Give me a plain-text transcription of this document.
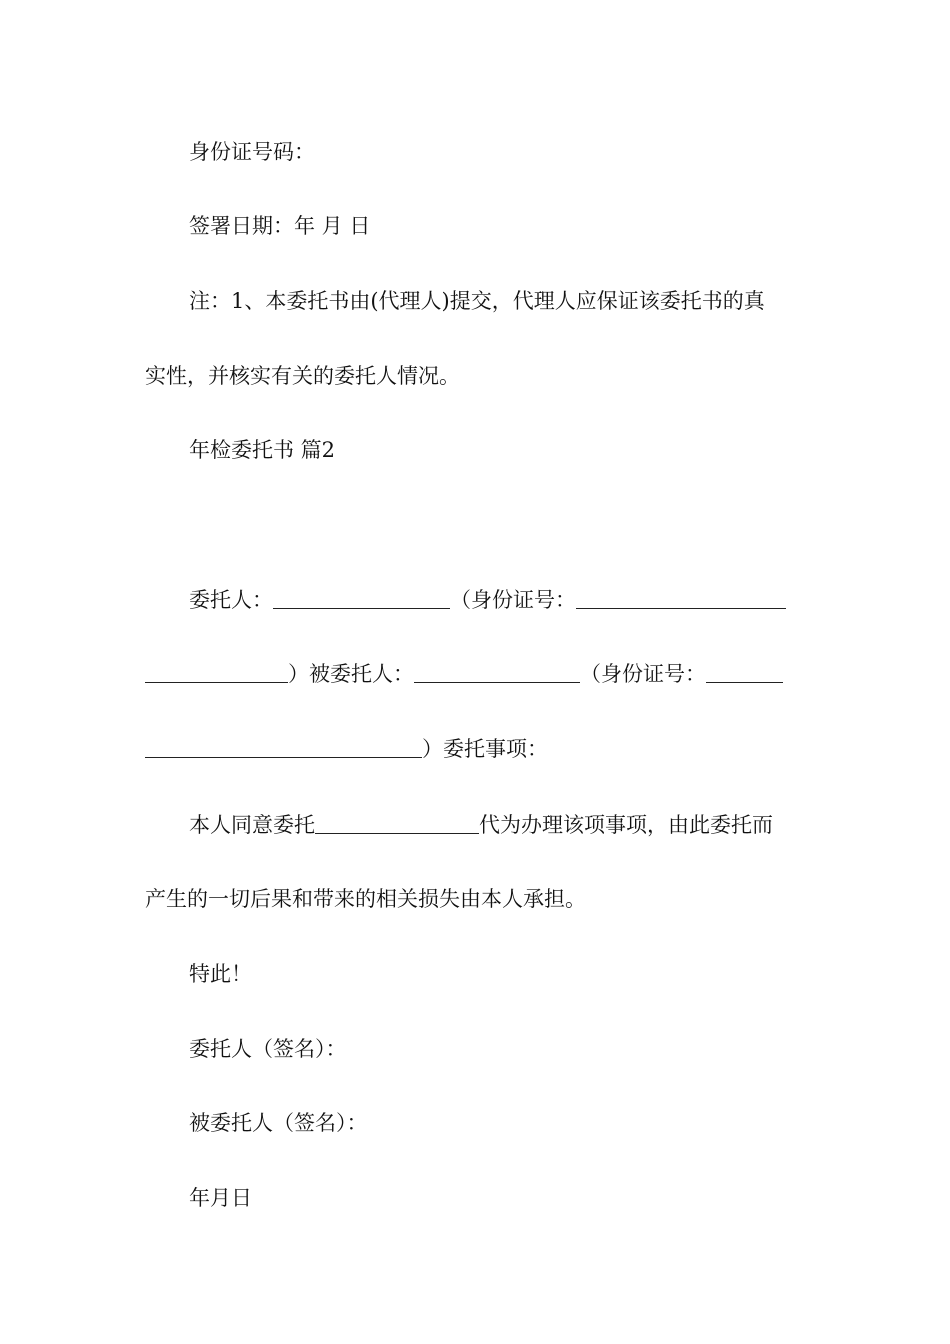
身份证号码：
签署日期：年 月 日
注：1、本委托书由(代理人)提交，代理人应保证该委托书的真
实性，并核实有关的委托人情况。
年检委托书 篇2
委托人：	（身份证号：
）被委托人：	（身份证号：
）委托事项：
本人同意委托	代为办理该项事项，由此委托而
产生的一切后果和带来的相关损失由本人承担。
特此！
委托人（签名）：
被委托人（签名）：
年月日
